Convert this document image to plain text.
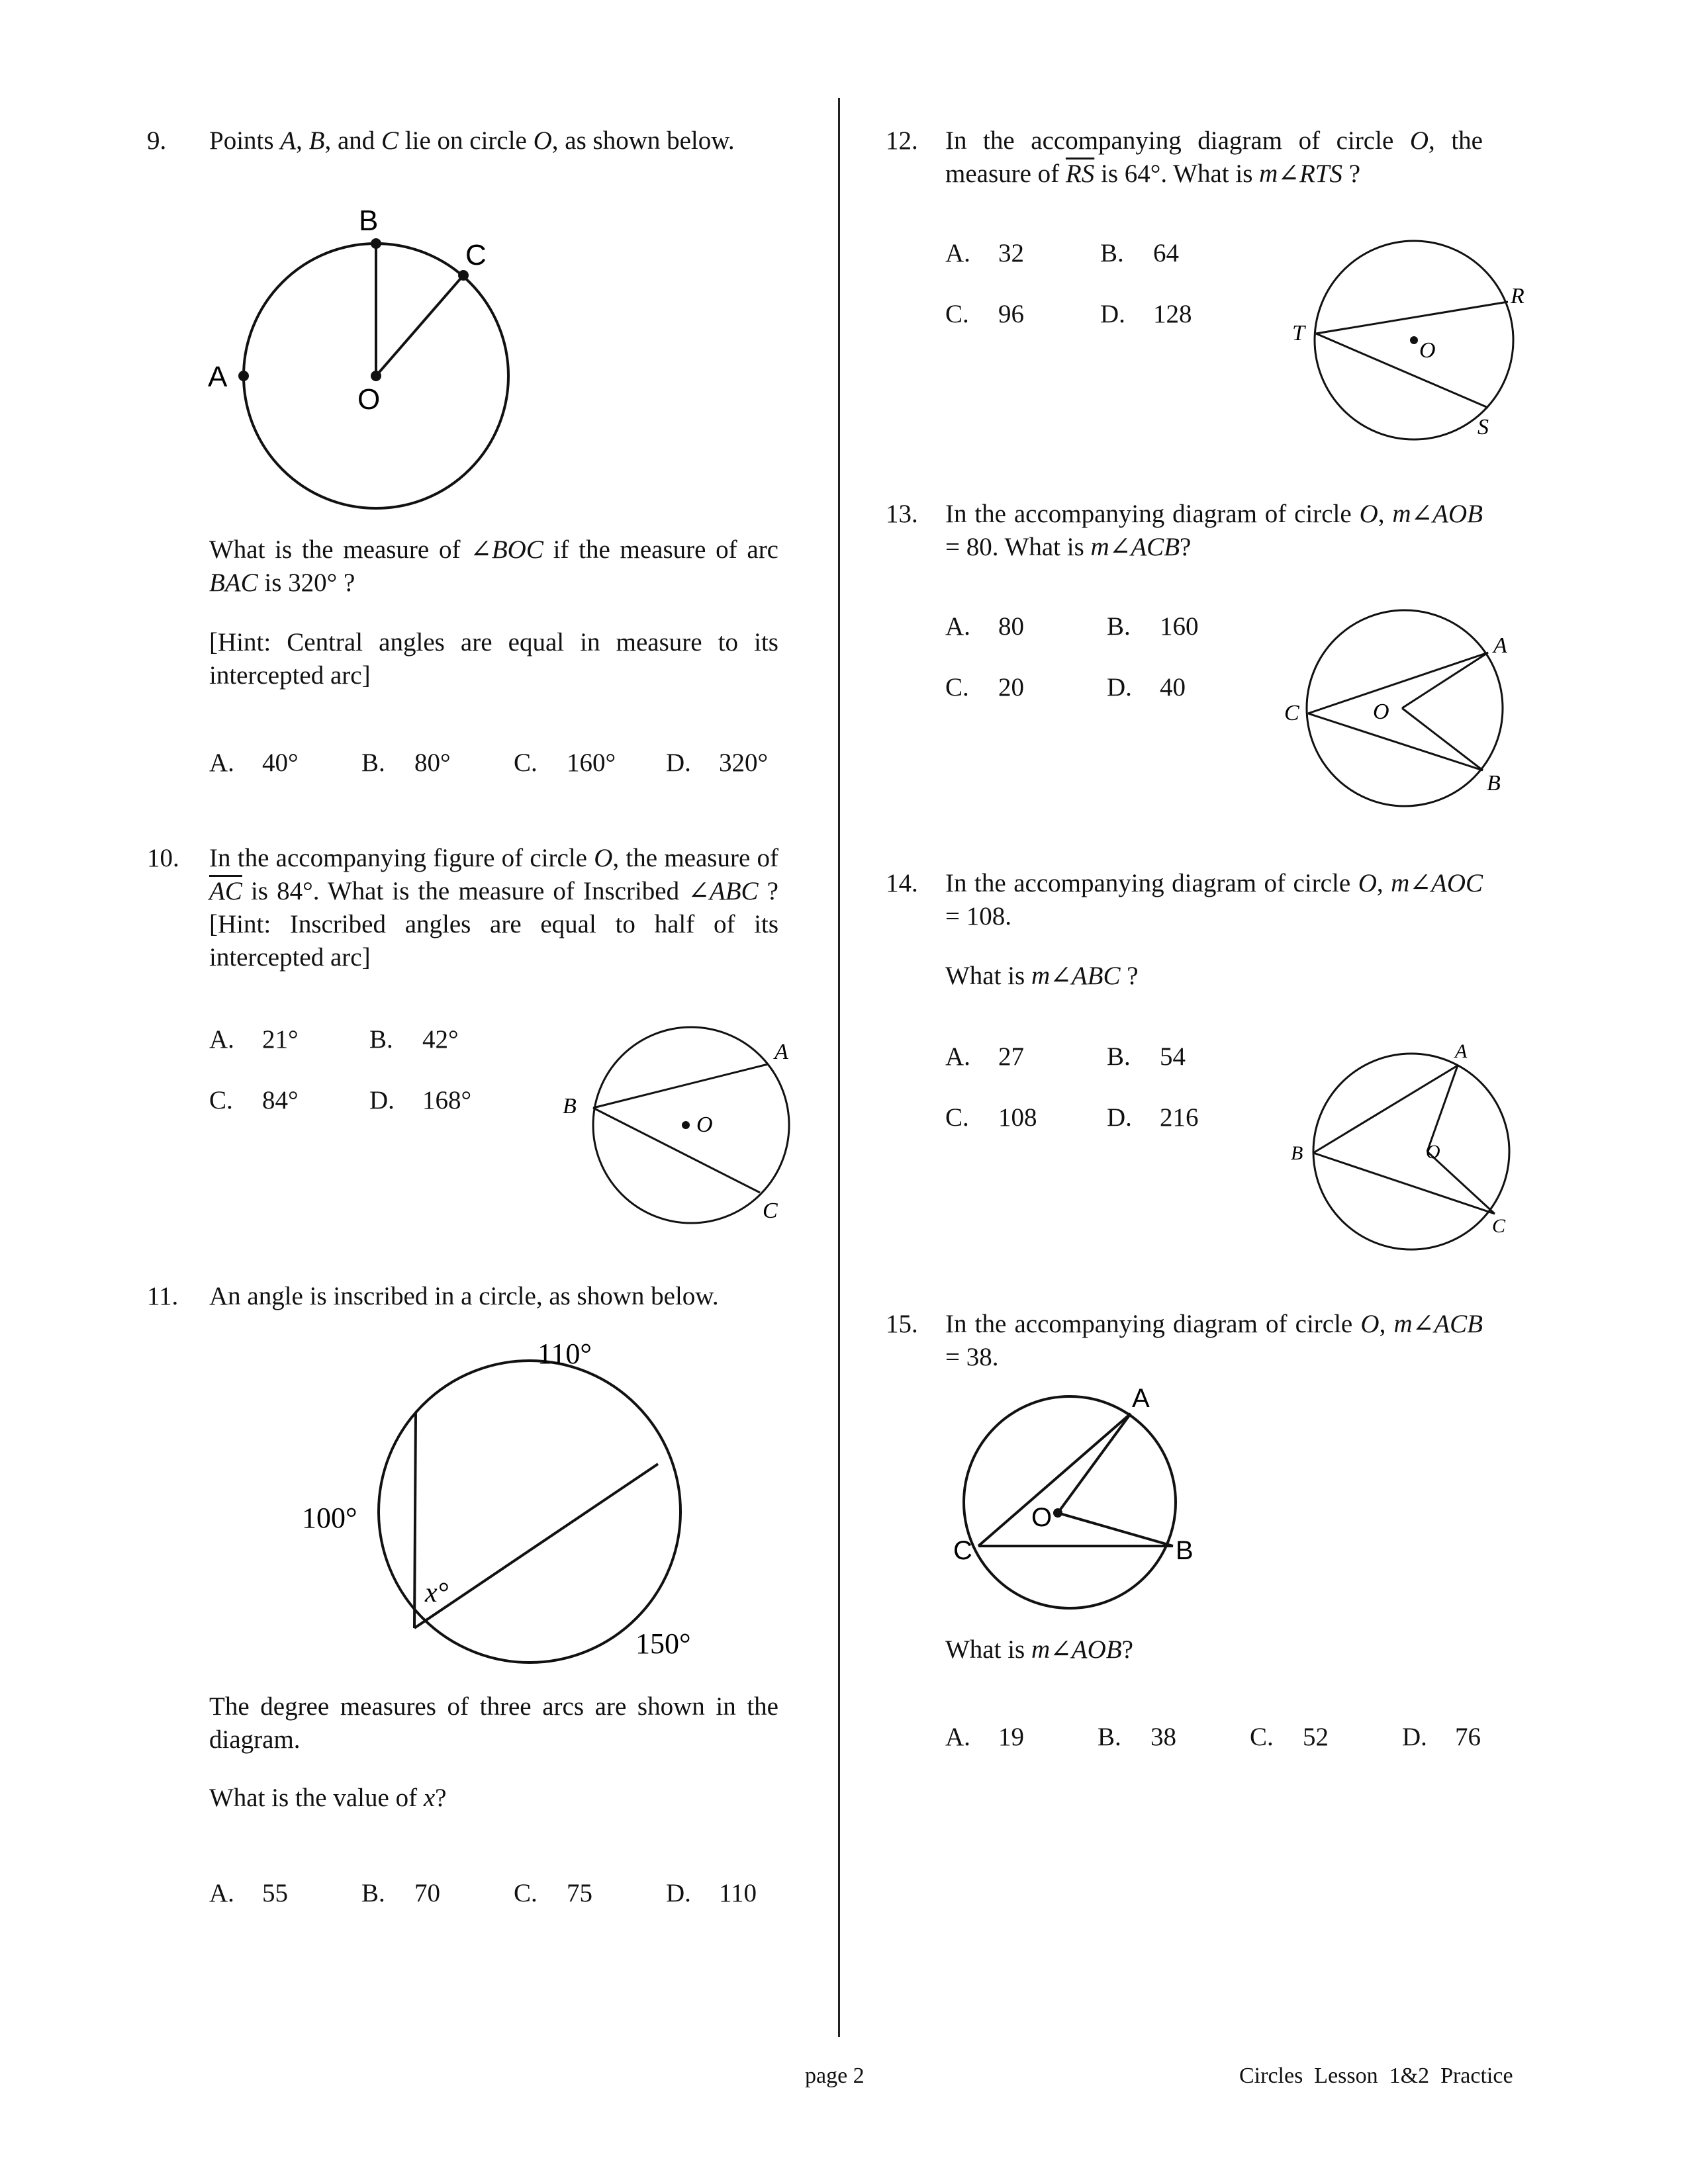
9. Points A, B, and C lie on circle O, as shown below.
B
C
A
O
What is the measure of ∠BOC if the measure of arc BAC is 320° ?
[Hint: Central angles are equal in measure to its intercepted arc]
A. 40° B. 80° C. 160° D. 320°
10. In the accompanying figure of circle O, the measure of $\overline{AC}$ is 84°. What is the measure of Inscribed ∠ABC ? [Hint: Inscribed angles are equal to half of its intercepted arc]
A. 21°	B. 42°
C. 84°	D. 168°
O
A
B
C
11. An angle is inscribed in a circle, as shown below.
110°
100°
150°
x°
The degree measures of three arcs are shown in the diagram.
What is the value of x?
A. 55	B. 70	C. 75	D. 110
12. In the accompanying diagram of circle O, the measure of $\overline{RS}$ is 64°. What is m∠RTS ?
A. 32	B. 64
C. 96	D. 128
O
T
R
S
13. In the accompanying diagram of circle O, m∠AOB = 80. What is m∠ACB?
A. 80	B. 160
C. 20	D. 40
O
C
A
B
14. In the accompanying diagram of circle O, m∠AOC = 108.
What is m∠ABC ?
A. 27	B. 54
C. 108	D. 216
O
B
A
C
15. In the accompanying diagram of circle O, m∠ACB = 38.
A
O
C	B
What is m∠AOB?
A. 19	B. 38	C. 52	D. 76
page 2	Circles  Lesson  1&2  Practice
